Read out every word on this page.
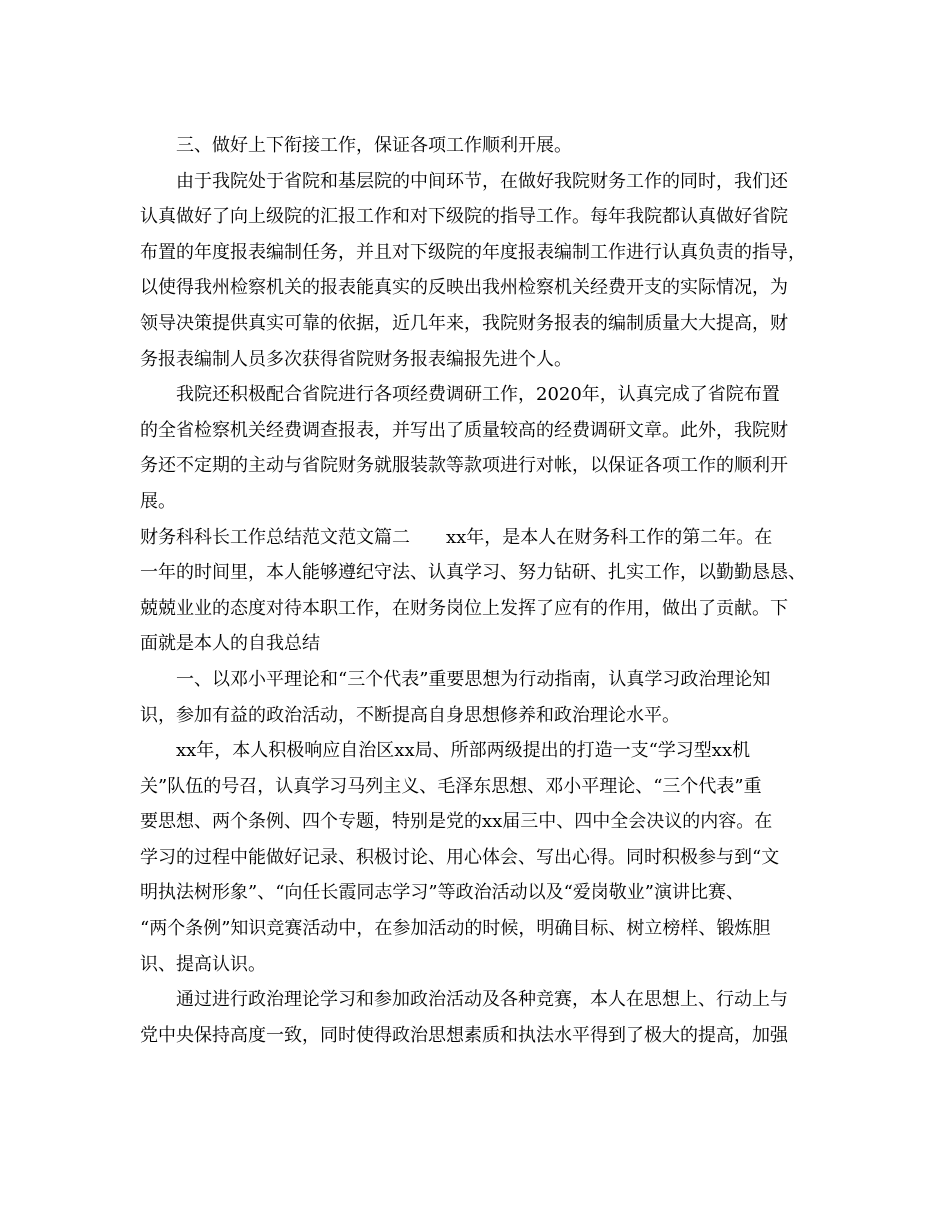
三、做好上下衔接工作，保证各项工作顺利开展。
由于我院处于省院和基层院的中间环节，在做好我院财务工作的同时，我们还
认真做好了向上级院的汇报工作和对下级院的指导工作。每年我院都认真做好省院
布置的年度报表编制任务，并且对下级院的年度报表编制工作进行认真负责的指导，
以使得我州检察机关的报表能真实的反映出我州检察机关经费开支的实际情况，为
领导决策提供真实可靠的依据，近几年来，我院财务报表的编制质量大大提高，财
务报表编制人员多次获得省院财务报表编报先进个人。
我院还积极配合省院进行各项经费调研工作，2020年，认真完成了省院布置
的全省检察机关经费调查报表，并写出了质量较高的经费调研文章。此外，我院财
务还不定期的主动与省院财务就服装款等款项进行对帐，以保证各项工作的顺利开
展。
财务科科长工作总结范文范文篇二　　xx年，是本人在财务科工作的第二年。在
一年的时间里，本人能够遵纪守法、认真学习、努力钻研、扎实工作，以勤勤恳恳、
兢兢业业的态度对待本职工作，在财务岗位上发挥了应有的作用，做出了贡献。下
面就是本人的自我总结
一、以邓小平理论和“三个代表”重要思想为行动指南，认真学习政治理论知
识，参加有益的政治活动，不断提高自身思想修养和政治理论水平。
xx年，本人积极响应自治区xx局、所部两级提出的打造一支“学习型xx机
关”队伍的号召，认真学习马列主义、毛泽东思想、邓小平理论、“三个代表”重
要思想、两个条例、四个专题，特别是党的xx届三中、四中全会决议的内容。在
学习的过程中能做好记录、积极讨论、用心体会、写出心得。同时积极参与到“文
明执法树形象”、“向任长霞同志学习”等政治活动以及“爱岗敬业”演讲比赛、
“两个条例”知识竞赛活动中，在参加活动的时候，明确目标、树立榜样、锻炼胆
识、提高认识。
通过进行政治理论学习和参加政治活动及各种竞赛，本人在思想上、行动上与
党中央保持高度一致，同时使得政治思想素质和执法水平得到了极大的提高，加强
